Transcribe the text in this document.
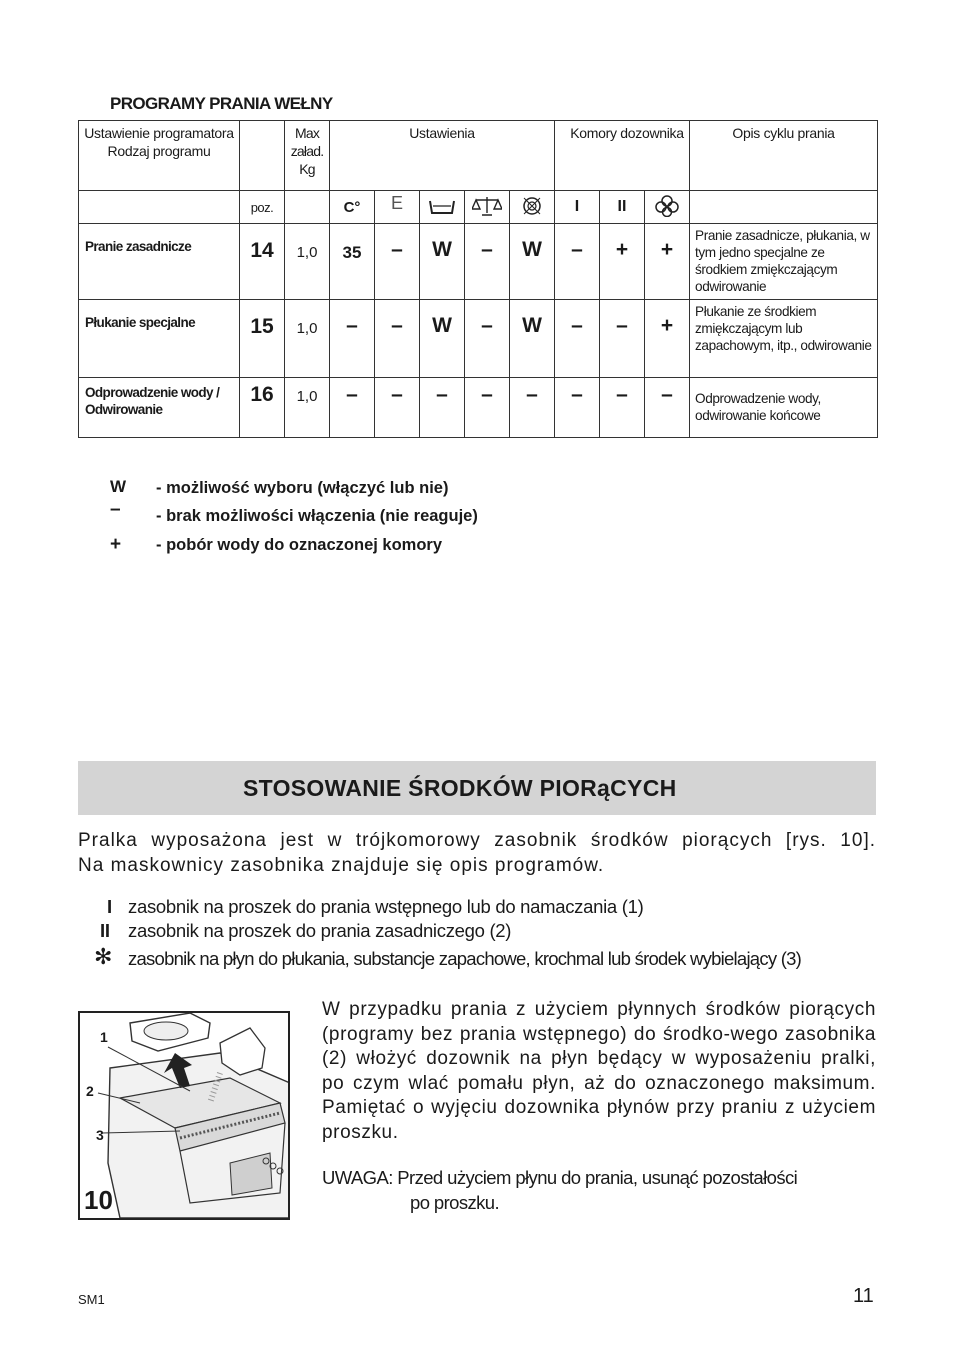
PROGRAMY PRANIA WEŁNY
Ustawienie programatora Rodzaj programu		Max załad. Kg	Ustawienia					Komory dozownika			Opis cyklu prania
	poz.		C°	E				I	II		
Pranie zasadnicze	14	1,0	35	–	W	–	W	–	+	+	Pranie zasadnicze, płukania, w tym jedno specjalne ze środkiem zmiękczającym odwirowanie
Płukanie specjalne	15	1,0	–	–	W	–	W	–	–	+	Płukanie ze środkiem zmiękczającym lub zapachowym, itp., odwirowanie
Odprowadzenie wody / Odwirowanie	16	1,0	–	–	–	–	–	–	–	–	Odprowadzenie wody, odwirowanie końcowe
W - możliwość wyboru (włączyć lub nie)
– - brak możliwości włączenia (nie reaguje)
+ - pobór wody do oznaczonej komory
STOSOWANIE ŚRODKÓW PIORąCYCH
Pralka wyposażona jest w trójkomorowy zasobnik środków piorących [rys. 10].
Na maskownicy zasobnika znajduje się opis programów.
I zasobnik na proszek do prania wstępnego lub do namaczania (1)
II zasobnik na proszek do prania zasadniczego (2)
✻ zasobnik na płyn do płukania, substancje zapachowe, krochmal lub środek wybielający (3)
1
2
3
10
W przypadku prania z użyciem płynnych środków piorących (programy bez prania wstępnego) do środko-wego zasobnika (2) włożyć dozownik na płyn będący w wyposażeniu pralki, po czym wlać pomału płyn, aż do oznaczonego maksimum. Pamiętać o wyjęciu dozownika płynów przy praniu z użyciem proszku.
UWAGA: Przed użyciem płynu do prania, usunąć pozostałości
po proszku.
SM1	11
